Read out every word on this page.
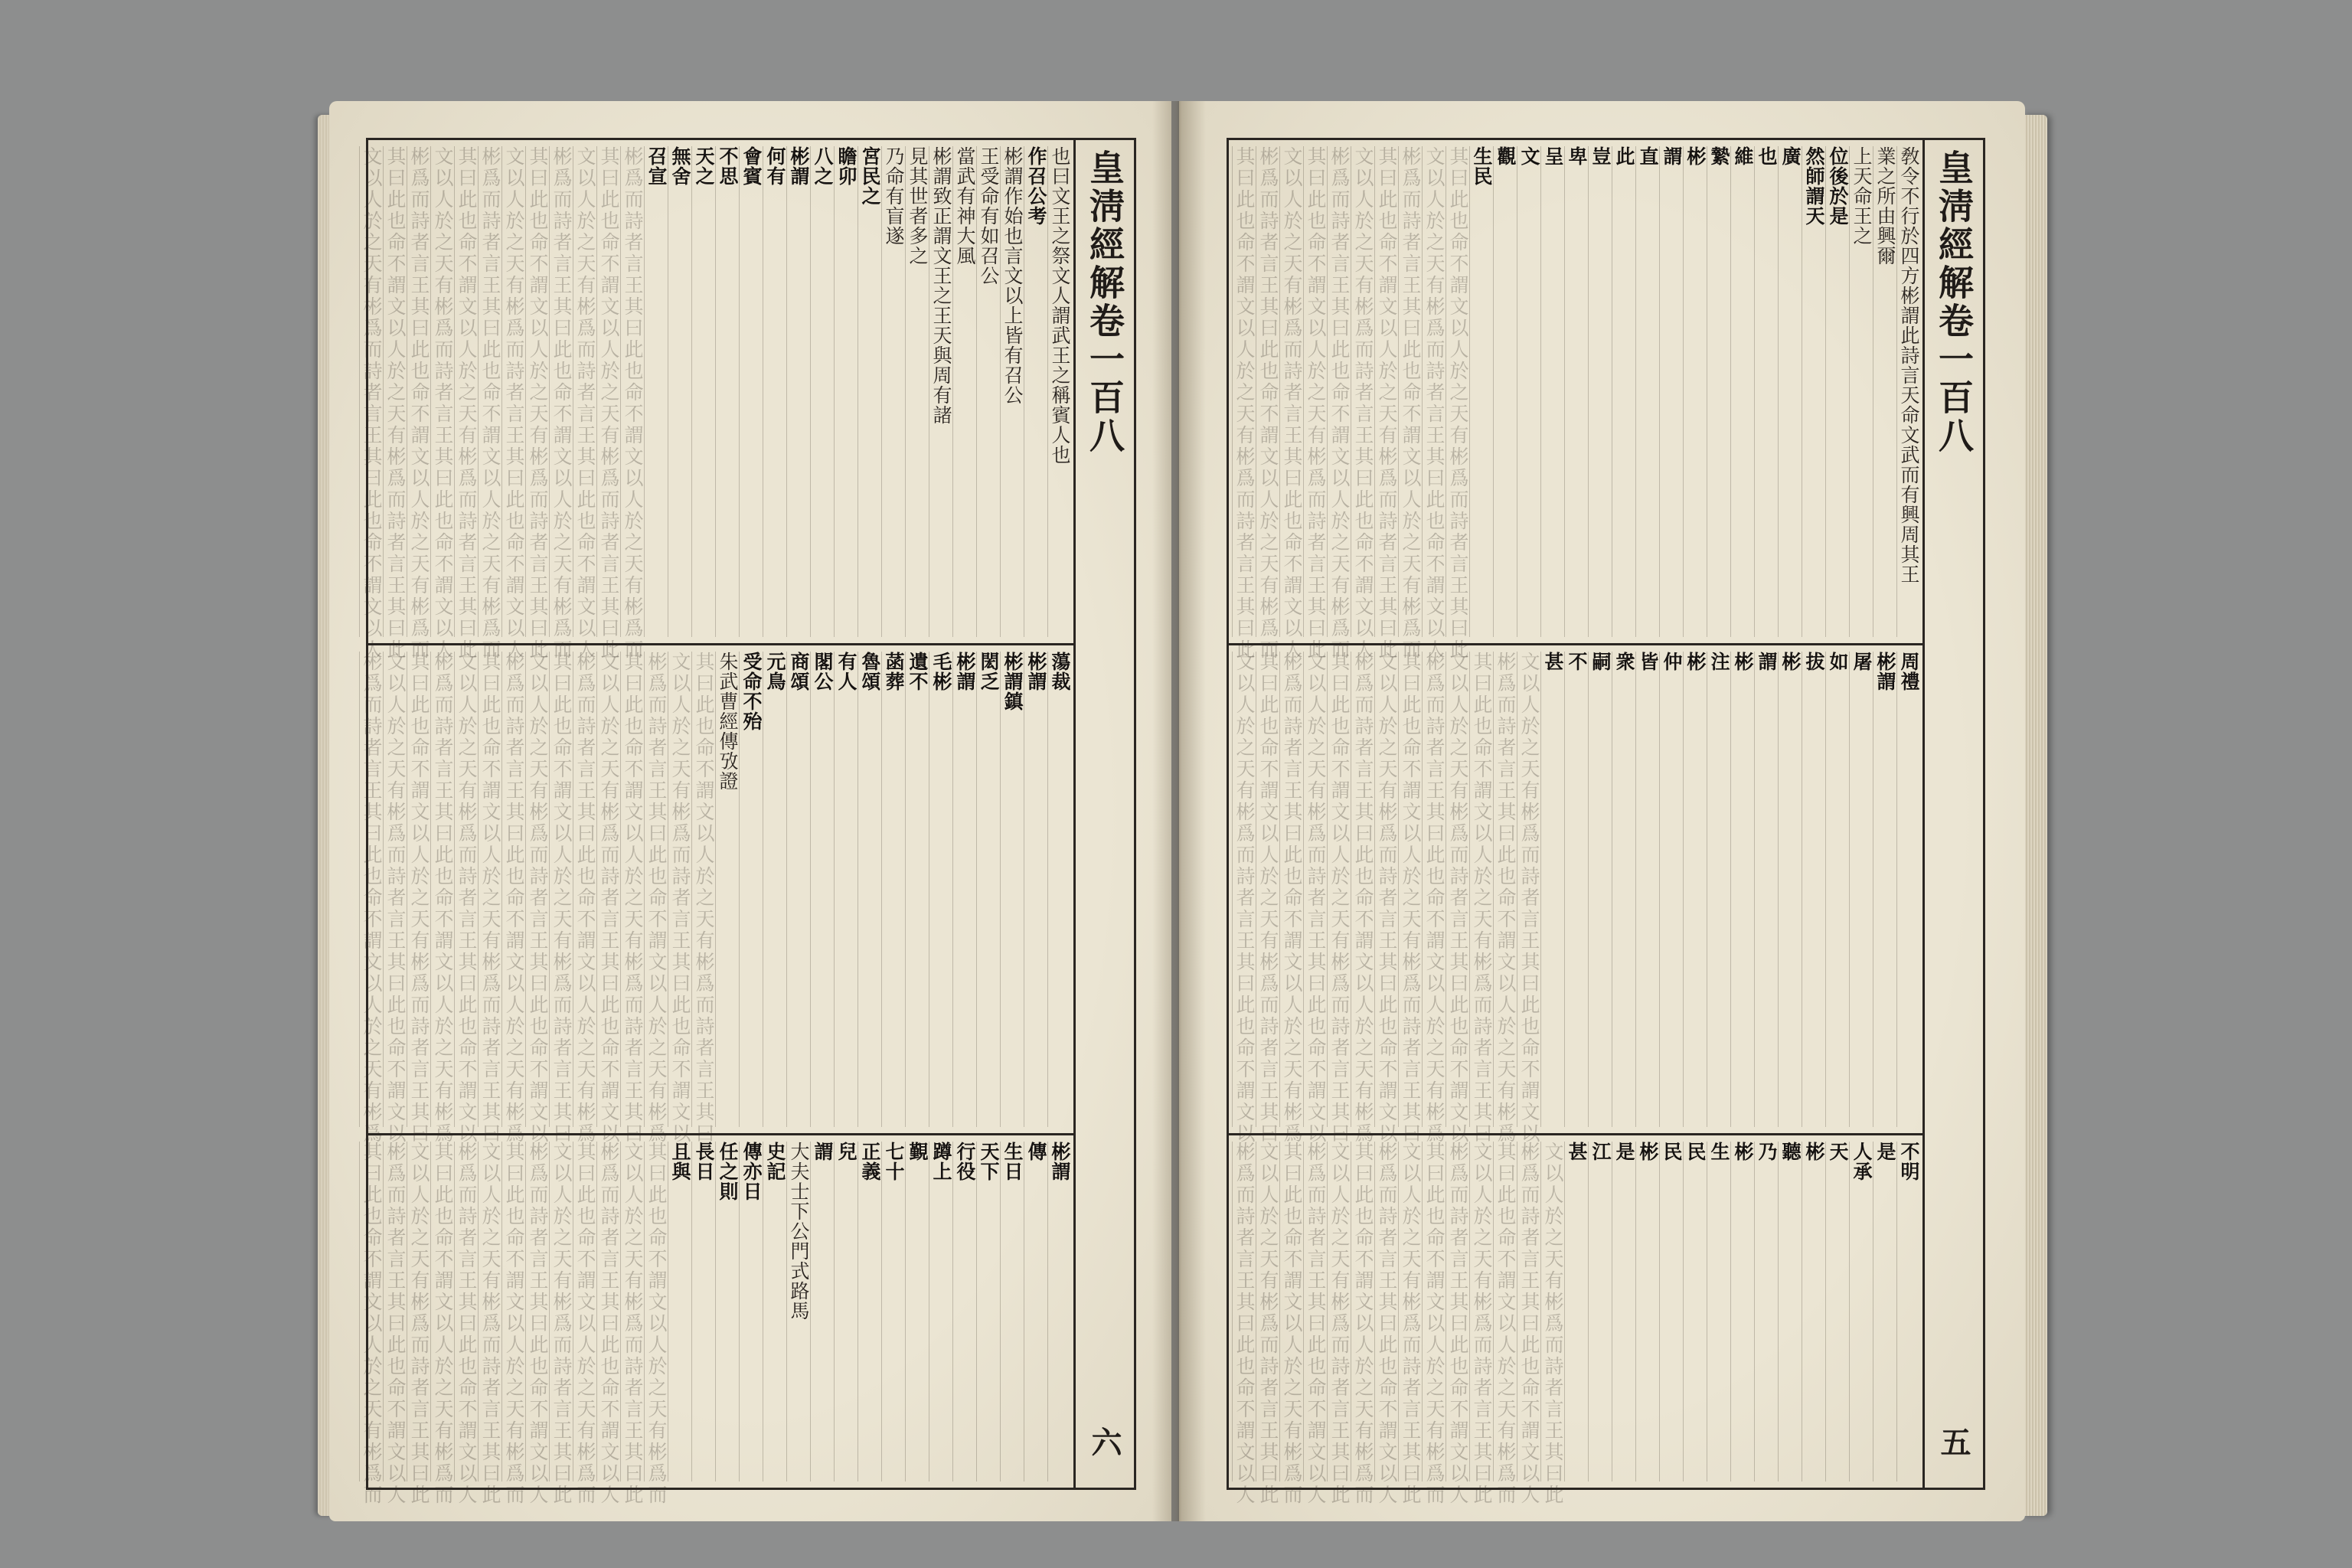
皇淸經解卷一百八
六
也曰文王之祭文人謂武王之稱賓人也
作召公考
彬謂作始也言文以上皆有召公
王受命有如召公
當武有神大風
彬謂致正謂文王之王天與周有諸
見其世者多之
乃命有盲遂
宮民之
瞻卯
八之
彬謂
何有
會賓
不思
天之
無舍
召宣
彬爲而詩者言王其曰此也命不謂文以人於之天有彬爲而
其曰此也命不謂文以人於之天有彬爲而詩者言王其曰此
文以人於之天有彬爲而詩者言王其曰此也命不謂文以人
彬爲而詩者言王其曰此也命不謂文以人於之天有彬爲而
其曰此也命不謂文以人於之天有彬爲而詩者言王其曰此
文以人於之天有彬爲而詩者言王其曰此也命不謂文以人
彬爲而詩者言王其曰此也命不謂文以人於之天有彬爲而
其曰此也命不謂文以人於之天有彬爲而詩者言王其曰此
文以人於之天有彬爲而詩者言王其曰此也命不謂文以人
彬爲而詩者言王其曰此也命不謂文以人於之天有彬爲而
其曰此也命不謂文以人於之天有彬爲而詩者言王其曰此
文以人於之天有彬爲而詩者言王其曰此也命不謂文以人
蕩裁
彬謂
彬謂鎮
閎乏
彬謂
毛彬
遺不
菡葬
魯頌
有人
閣公
商頌
元鳥
受命不殆
朱武曹經傳攷證
其曰此也命不謂文以人於之天有彬爲而詩者言王其曰
文以人於之天有彬爲而詩者言王其曰此也命不謂文以
彬爲而詩者言王其曰此也命不謂文以人於之天有彬爲
其曰此也命不謂文以人於之天有彬爲而詩者言王其曰
文以人於之天有彬爲而詩者言王其曰此也命不謂文以
彬爲而詩者言王其曰此也命不謂文以人於之天有彬爲
其曰此也命不謂文以人於之天有彬爲而詩者言王其曰
文以人於之天有彬爲而詩者言王其曰此也命不謂文以
彬爲而詩者言王其曰此也命不謂文以人於之天有彬爲
其曰此也命不謂文以人於之天有彬爲而詩者言王其曰
文以人於之天有彬爲而詩者言王其曰此也命不謂文以
彬爲而詩者言王其曰此也命不謂文以人於之天有彬爲
其曰此也命不謂文以人於之天有彬爲而詩者言王其曰
文以人於之天有彬爲而詩者言王其曰此也命不謂文以
彬爲而詩者言王其曰此也命不謂文以人於之天有彬爲
彬謂
傳
生日
天下
行役
蹲上
覲
七十
正義
兒
謂
大夫士下公門式路馬
史記
傳亦日
任之則
長日
且與
其曰此也命不謂文以人於之天有彬爲而
文以人於之天有彬爲而詩者言王其曰此
彬爲而詩者言王其曰此也命不謂文以人
其曰此也命不謂文以人於之天有彬爲而
文以人於之天有彬爲而詩者言王其曰此
彬爲而詩者言王其曰此也命不謂文以人
其曰此也命不謂文以人於之天有彬爲而
文以人於之天有彬爲而詩者言王其曰此
彬爲而詩者言王其曰此也命不謂文以人
其曰此也命不謂文以人於之天有彬爲而
文以人於之天有彬爲而詩者言王其曰此
彬爲而詩者言王其曰此也命不謂文以人
其曰此也命不謂文以人於之天有彬爲而
皇淸經解卷一百八
五
敎令不行於四方彬謂此詩言天命文武而有興周其王
業之所由興爾
上天命王之
位後於是
然師謂天
廣
也
維
縶
彬
謂
直
此
豈
卑
呈
文
觀
生民
其曰此也命不謂文以人於之天有彬爲而詩者言王其曰此
文以人於之天有彬爲而詩者言王其曰此也命不謂文以人
彬爲而詩者言王其曰此也命不謂文以人於之天有彬爲而
其曰此也命不謂文以人於之天有彬爲而詩者言王其曰此
文以人於之天有彬爲而詩者言王其曰此也命不謂文以人
彬爲而詩者言王其曰此也命不謂文以人於之天有彬爲而
其曰此也命不謂文以人於之天有彬爲而詩者言王其曰此
文以人於之天有彬爲而詩者言王其曰此也命不謂文以人
彬爲而詩者言王其曰此也命不謂文以人於之天有彬爲而
其曰此也命不謂文以人於之天有彬爲而詩者言王其曰此
周禮
彬謂
屠
如
拔
彬
謂
彬
注
彬
仲
皆
衆
嗣
不
甚
文以人於之天有彬爲而詩者言王其曰此也命不謂文以
彬爲而詩者言王其曰此也命不謂文以人於之天有彬爲
其曰此也命不謂文以人於之天有彬爲而詩者言王其曰
文以人於之天有彬爲而詩者言王其曰此也命不謂文以
彬爲而詩者言王其曰此也命不謂文以人於之天有彬爲
其曰此也命不謂文以人於之天有彬爲而詩者言王其曰
文以人於之天有彬爲而詩者言王其曰此也命不謂文以
彬爲而詩者言王其曰此也命不謂文以人於之天有彬爲
其曰此也命不謂文以人於之天有彬爲而詩者言王其曰
文以人於之天有彬爲而詩者言王其曰此也命不謂文以
彬爲而詩者言王其曰此也命不謂文以人於之天有彬爲
其曰此也命不謂文以人於之天有彬爲而詩者言王其曰
文以人於之天有彬爲而詩者言王其曰此也命不謂文以
不明
是
人承
天
彬
聽
乃
彬
生
民
民
彬
是
江
甚
文以人於之天有彬爲而詩者言王其曰此
彬爲而詩者言王其曰此也命不謂文以人
其曰此也命不謂文以人於之天有彬爲而
文以人於之天有彬爲而詩者言王其曰此
彬爲而詩者言王其曰此也命不謂文以人
其曰此也命不謂文以人於之天有彬爲而
文以人於之天有彬爲而詩者言王其曰此
彬爲而詩者言王其曰此也命不謂文以人
其曰此也命不謂文以人於之天有彬爲而
文以人於之天有彬爲而詩者言王其曰此
彬爲而詩者言王其曰此也命不謂文以人
其曰此也命不謂文以人於之天有彬爲而
文以人於之天有彬爲而詩者言王其曰此
彬爲而詩者言王其曰此也命不謂文以人
